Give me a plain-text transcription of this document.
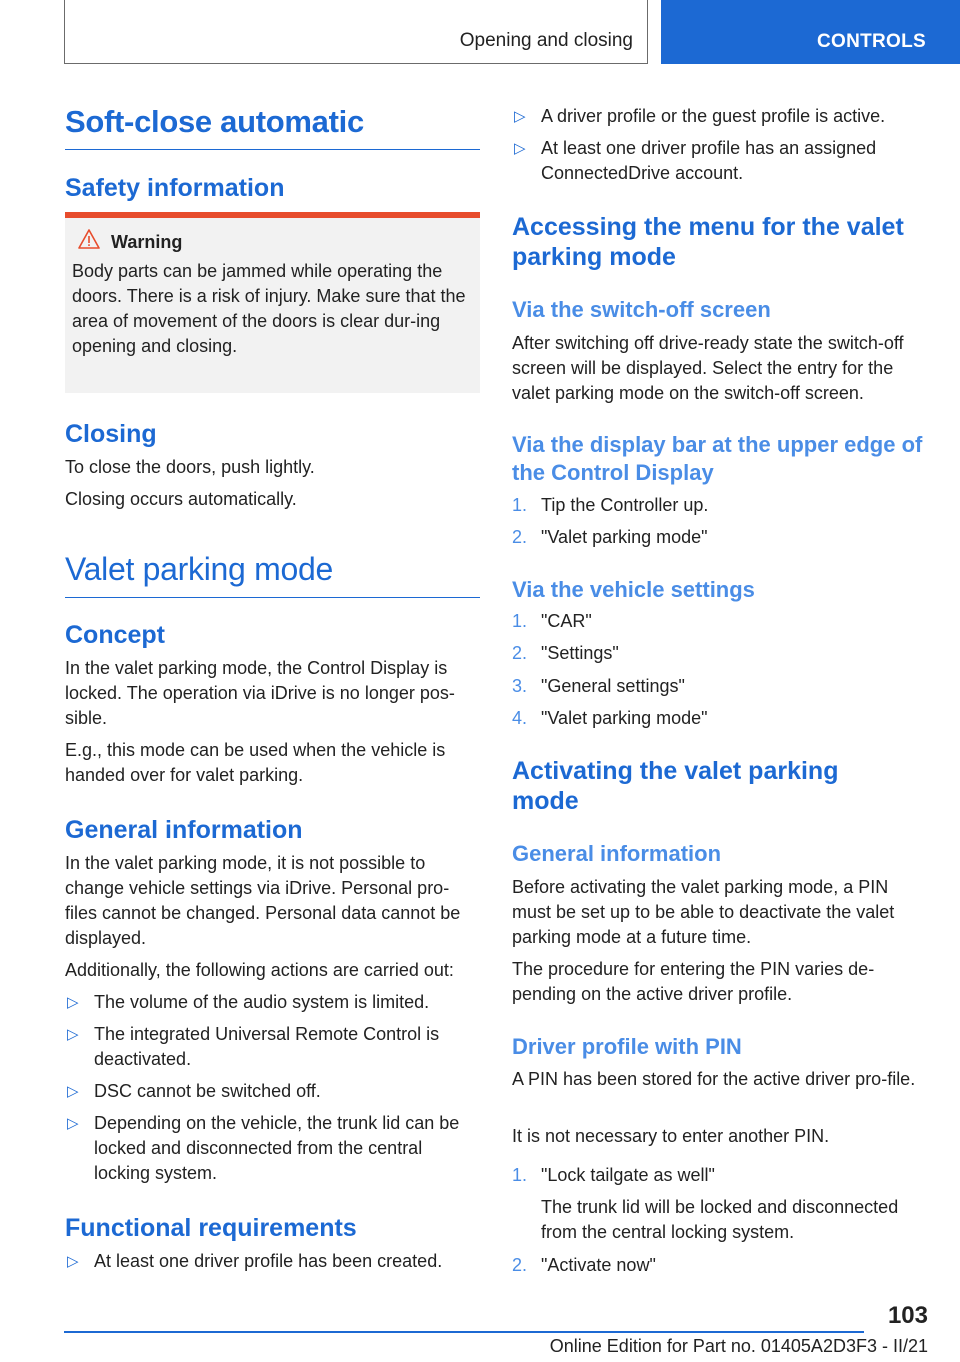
Opening and closing	CONTROLS
Soft-close automatic
Safety information
Warning

Body parts can be jammed while operating the doors. There is a risk of injury. Make sure that the area of movement of the doors is clear dur-ing opening and closing.

Closing

To close the doors, push lightly.

Closing occurs automatically.

Valet parking mode
Concept

In the valet parking mode, the Control Display is locked. The operation via iDrive is no longer pos-sible.

E.g., this mode can be used when the vehicle is handed over for valet parking.

General information

In the valet parking mode, it is not possible to change vehicle settings via iDrive. Personal pro-files cannot be changed. Personal data cannot be displayed.

Additionally, the following actions are carried out:

▷ The volume of the audio system is limited.
▷ The integrated Universal Remote Control is deactivated.
▷ DSC cannot be switched off.
▷ Depending on the vehicle, the trunk lid can be locked and disconnected from the central locking system.
Functional requirements
▷ At least one driver profile has been created.
▷ A driver profile or the guest profile is active.
▷ At least one driver profile has an assigned ConnectedDrive account.
Accessing the menu for the valet parking mode
Via the switch-off screen

After switching off drive-ready state the switch-off screen will be displayed. Select the entry for the valet parking mode on the switch-off screen.

Via the display bar at the upper edge of the Control Display
1. Tip the Controller up.
2. "Valet parking mode"
Via the vehicle settings
1. "CAR"
2. "Settings"
3. "General settings"
4. "Valet parking mode"
Activating the valet parking mode
General information

Before activating the valet parking mode, a PIN must be set up to be able to deactivate the valet parking mode at a future time.

The procedure for entering the PIN varies de-pending on the active driver profile.

Driver profile with PIN

A PIN has been stored for the active driver pro-file.

It is not necessary to enter another PIN.

1. "Lock tailgate as well"

The trunk lid will be locked and disconnected from the central locking system.

2. "Activate now"
103
Online Edition for Part no. 01405A2D3F3 - II/21
